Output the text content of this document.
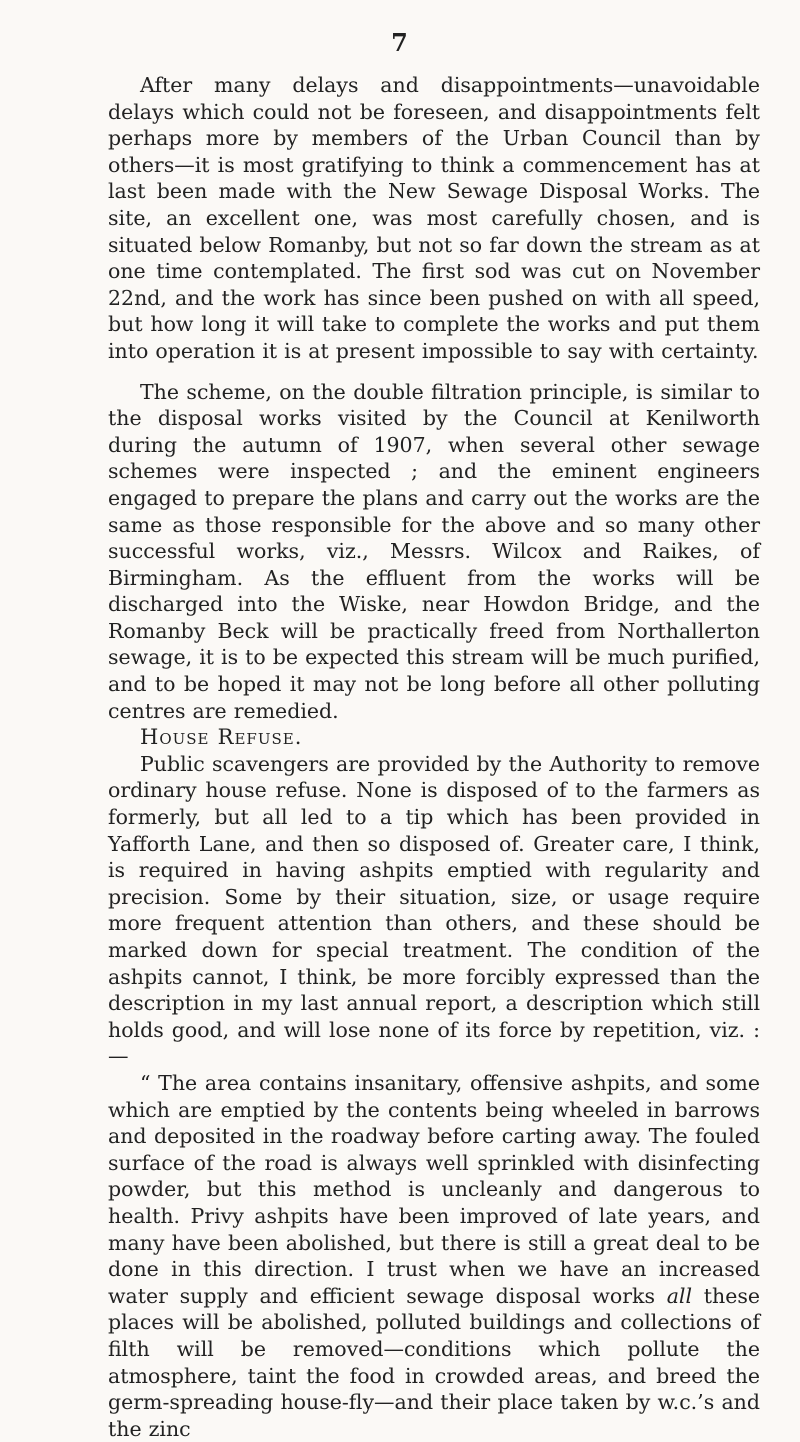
7

After many delays and disappointments—unavoidable delays which could not be foreseen, and disappointments felt perhaps more by members of the Urban Council than by others—it is most gratifying to think a commencement has at last been made with the New Sewage Disposal Works. The site, an excellent one, was most carefully chosen, and is situated below Romanby, but not so far down the stream as at one time contemplated. The first sod was cut on November 22nd, and the work has since been pushed on with all speed, but how long it will take to complete the works and put them into operation it is at present impossible to say with certainty.

The scheme, on the double filtration principle, is similar to the disposal works visited by the Council at Kenilworth during the autumn of 1907, when several other sewage schemes were inspected ; and the eminent engineers engaged to prepare the plans and carry out the works are the same as those responsible for the above and so many other successful works, viz., Messrs. Wilcox and Raikes, of Birmingham. As the effluent from the works will be discharged into the Wiske, near Howdon Bridge, and the Romanby Beck will be practically freed from Northallerton sewage, it is to be expected this stream will be much purified, and to be hoped it may not be long before all other polluting centres are remedied.

House Refuse.

Public scavengers are provided by the Authority to remove ordinary house refuse. None is disposed of to the farmers as formerly, but all led to a tip which has been provided in Yafforth Lane, and then so disposed of. Greater care, I think, is required in having ashpits emptied with regularity and precision. Some by their situation, size, or usage require more frequent attention than others, and these should be marked down for special treatment. The condition of the ashpits cannot, I think, be more forcibly expressed than the description in my last annual report, a description which still holds good, and will lose none of its force by repetition, viz. :—

“ The area contains insanitary, offensive ashpits, and some which are emptied by the contents being wheeled in barrows and deposited in the roadway before carting away. The fouled surface of the road is always well sprinkled with disinfecting powder, but this method is uncleanly and dangerous to health. Privy ashpits have been improved of late years, and many have been abolished, but there is still a great deal to be done in this direction. I trust when we have an increased water supply and efficient sewage disposal works all these places will be abolished, polluted buildings and collections of filth will be removed—conditions which pollute the atmosphere, taint the food in crowded areas, and breed the germ-spreading house-fly—and their place taken by w.c.’s and the zinc
